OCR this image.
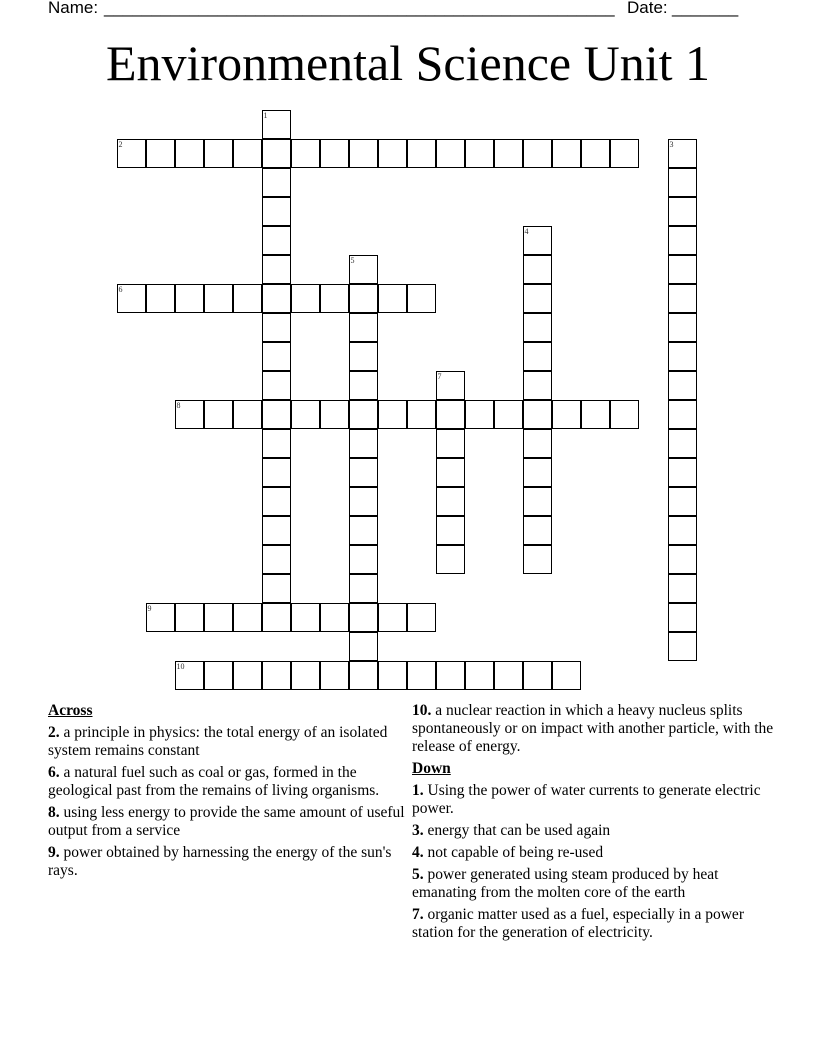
Name: ______________________________________________________ Date: _______
Environmental Science Unit 1
1
2	3
4
5
6
7
8
9
10
Across
2. a principle in physics: the total energy of an isolated system remains constant
6. a natural fuel such as coal or gas, formed in the geological past from the remains of living organisms.
8. using less energy to provide the same amount of useful output from a service
9. power obtained by harnessing the energy of the sun's rays.
10. a nuclear reaction in which a heavy nucleus splits spontaneously or on impact with another particle, with the release of energy.
Down
1. Using the power of water currents to generate electric power.
3. energy that can be used again
4. not capable of being re-used
5. power generated using steam produced by heat emanating from the molten core of the earth
7. organic matter used as a fuel, especially in a power station for the generation of electricity.
